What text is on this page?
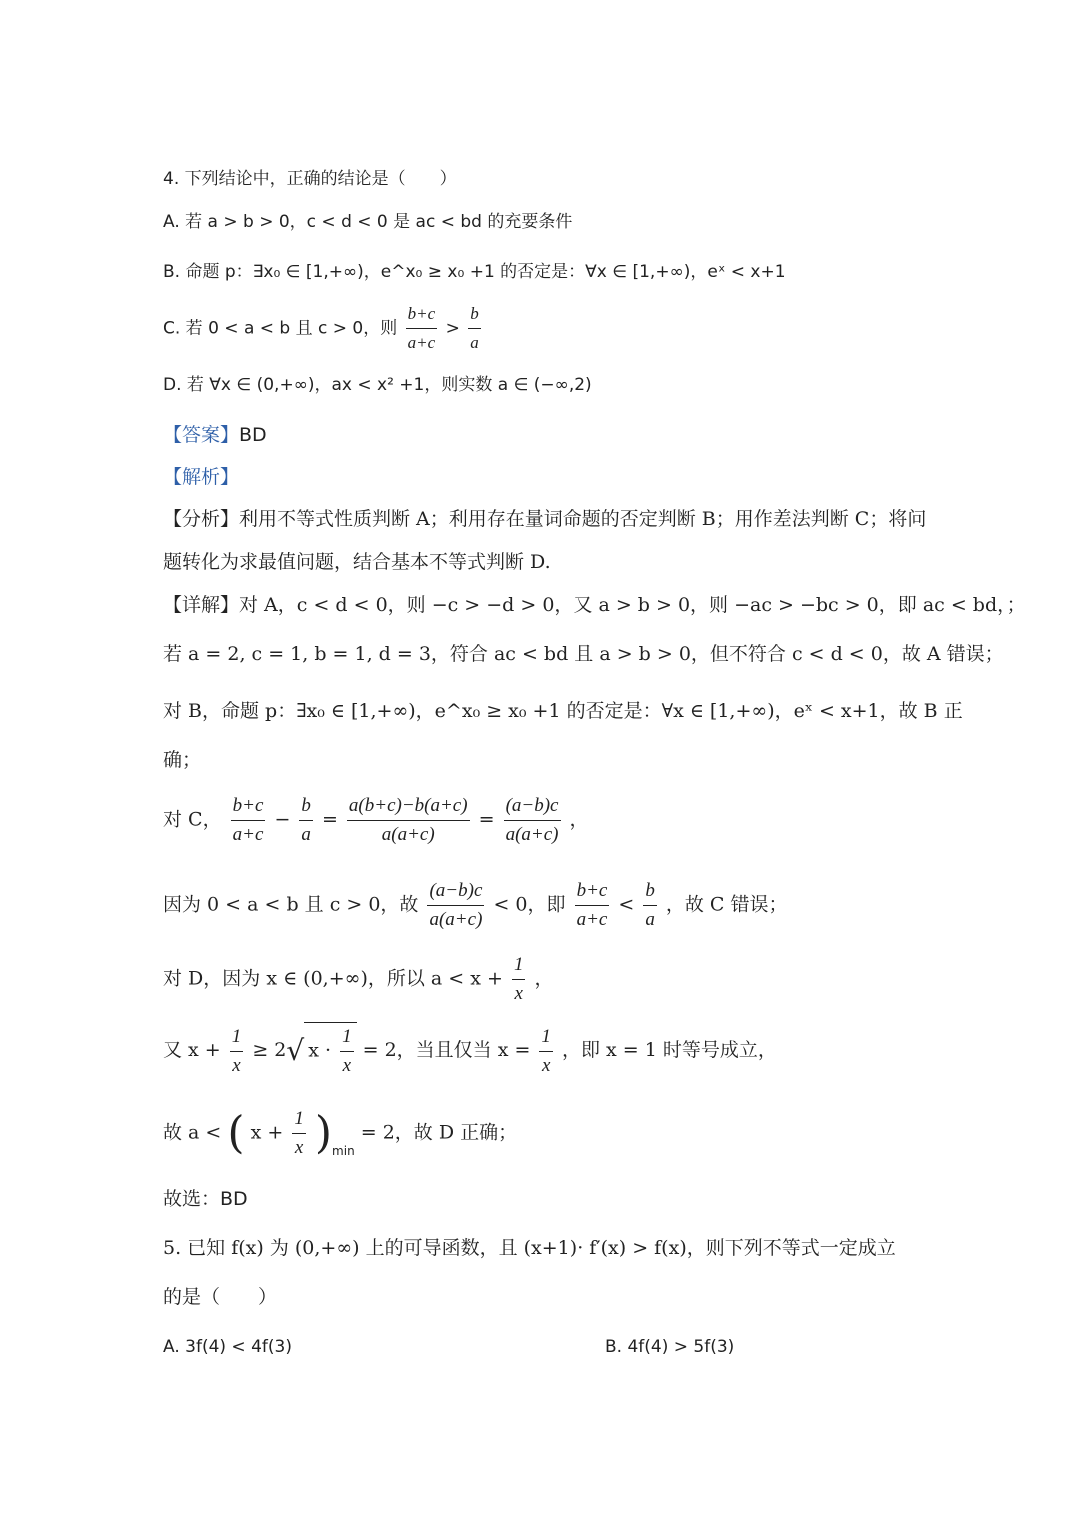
4. 下列结论中，正确的结论是（　　）
A. 若 a > b > 0，c < d < 0 是 ac < bd 的充要条件
B. 命题 p：∃x₀ ∈ [1,+∞)，e^x₀ ≥ x₀ +1 的否定是：∀x ∈ [1,+∞)，eˣ < x+1
C. 若 0 < a < b 且 c > 0，则 $\frac{b+c}{a+c} > \frac{b}{a}$
D. 若 ∀x ∈ (0,+∞)，ax < x² +1，则实数 a ∈ (−∞,2)
【答案】BD
【解析】
【分析】利用不等式性质判断 A；利用存在量词命题的否定判断 B；用作差法判断 C；将问
题转化为求最值问题，结合基本不等式判断 D.
【详解】对 A，c < d < 0，则 −c > −d > 0，又 a > b > 0，则 −ac > −bc > 0，即 ac < bd，；
若 a = 2, c = 1, b = 1, d = 3，符合 ac < bd 且 a > b > 0，但不符合 c < d < 0，故 A 错误；
对 B，命题 p：∃x₀ ∈ [1,+∞)，e^x₀ ≥ x₀ +1 的否定是：∀x ∈ [1,+∞)，eˣ < x+1，故 B 正
确；
对 C， $\frac{b+c}{a+c} - \frac{b}{a} = \frac{a(b+c)-b(a+c)}{a(a+c)} = \frac{(a-b)c}{a(a+c)}$ ，
因为 0 < a < b 且 c > 0，故 $\frac{(a-b)c}{a(a+c)} < 0$，即 $\frac{b+c}{a+c} < \frac{b}{a}$ ，故 C 错误；
对 D，因为 x ∈ (0,+∞)，所以 $a < x + \frac{1}{x}$ ，
又 $x + \frac{1}{x} \ge 2√$ $x \cdot \frac{1}{x} = 2$，当且仅当 $x = \frac{1}{x}$ ，即 x = 1 时等号成立，
故 a < ( $x + \frac{1}{x} )_{min} = 2$，故 D 正确；
故选：BD
5. 已知 f(x) 为 (0,+∞) 上的可导函数，且 (x+1)· f′(x) > f(x)，则下列不等式一定成立
的是（　　）
A. 3f(4) < 4f(3)	B. 4f(4) > 5f(3)
